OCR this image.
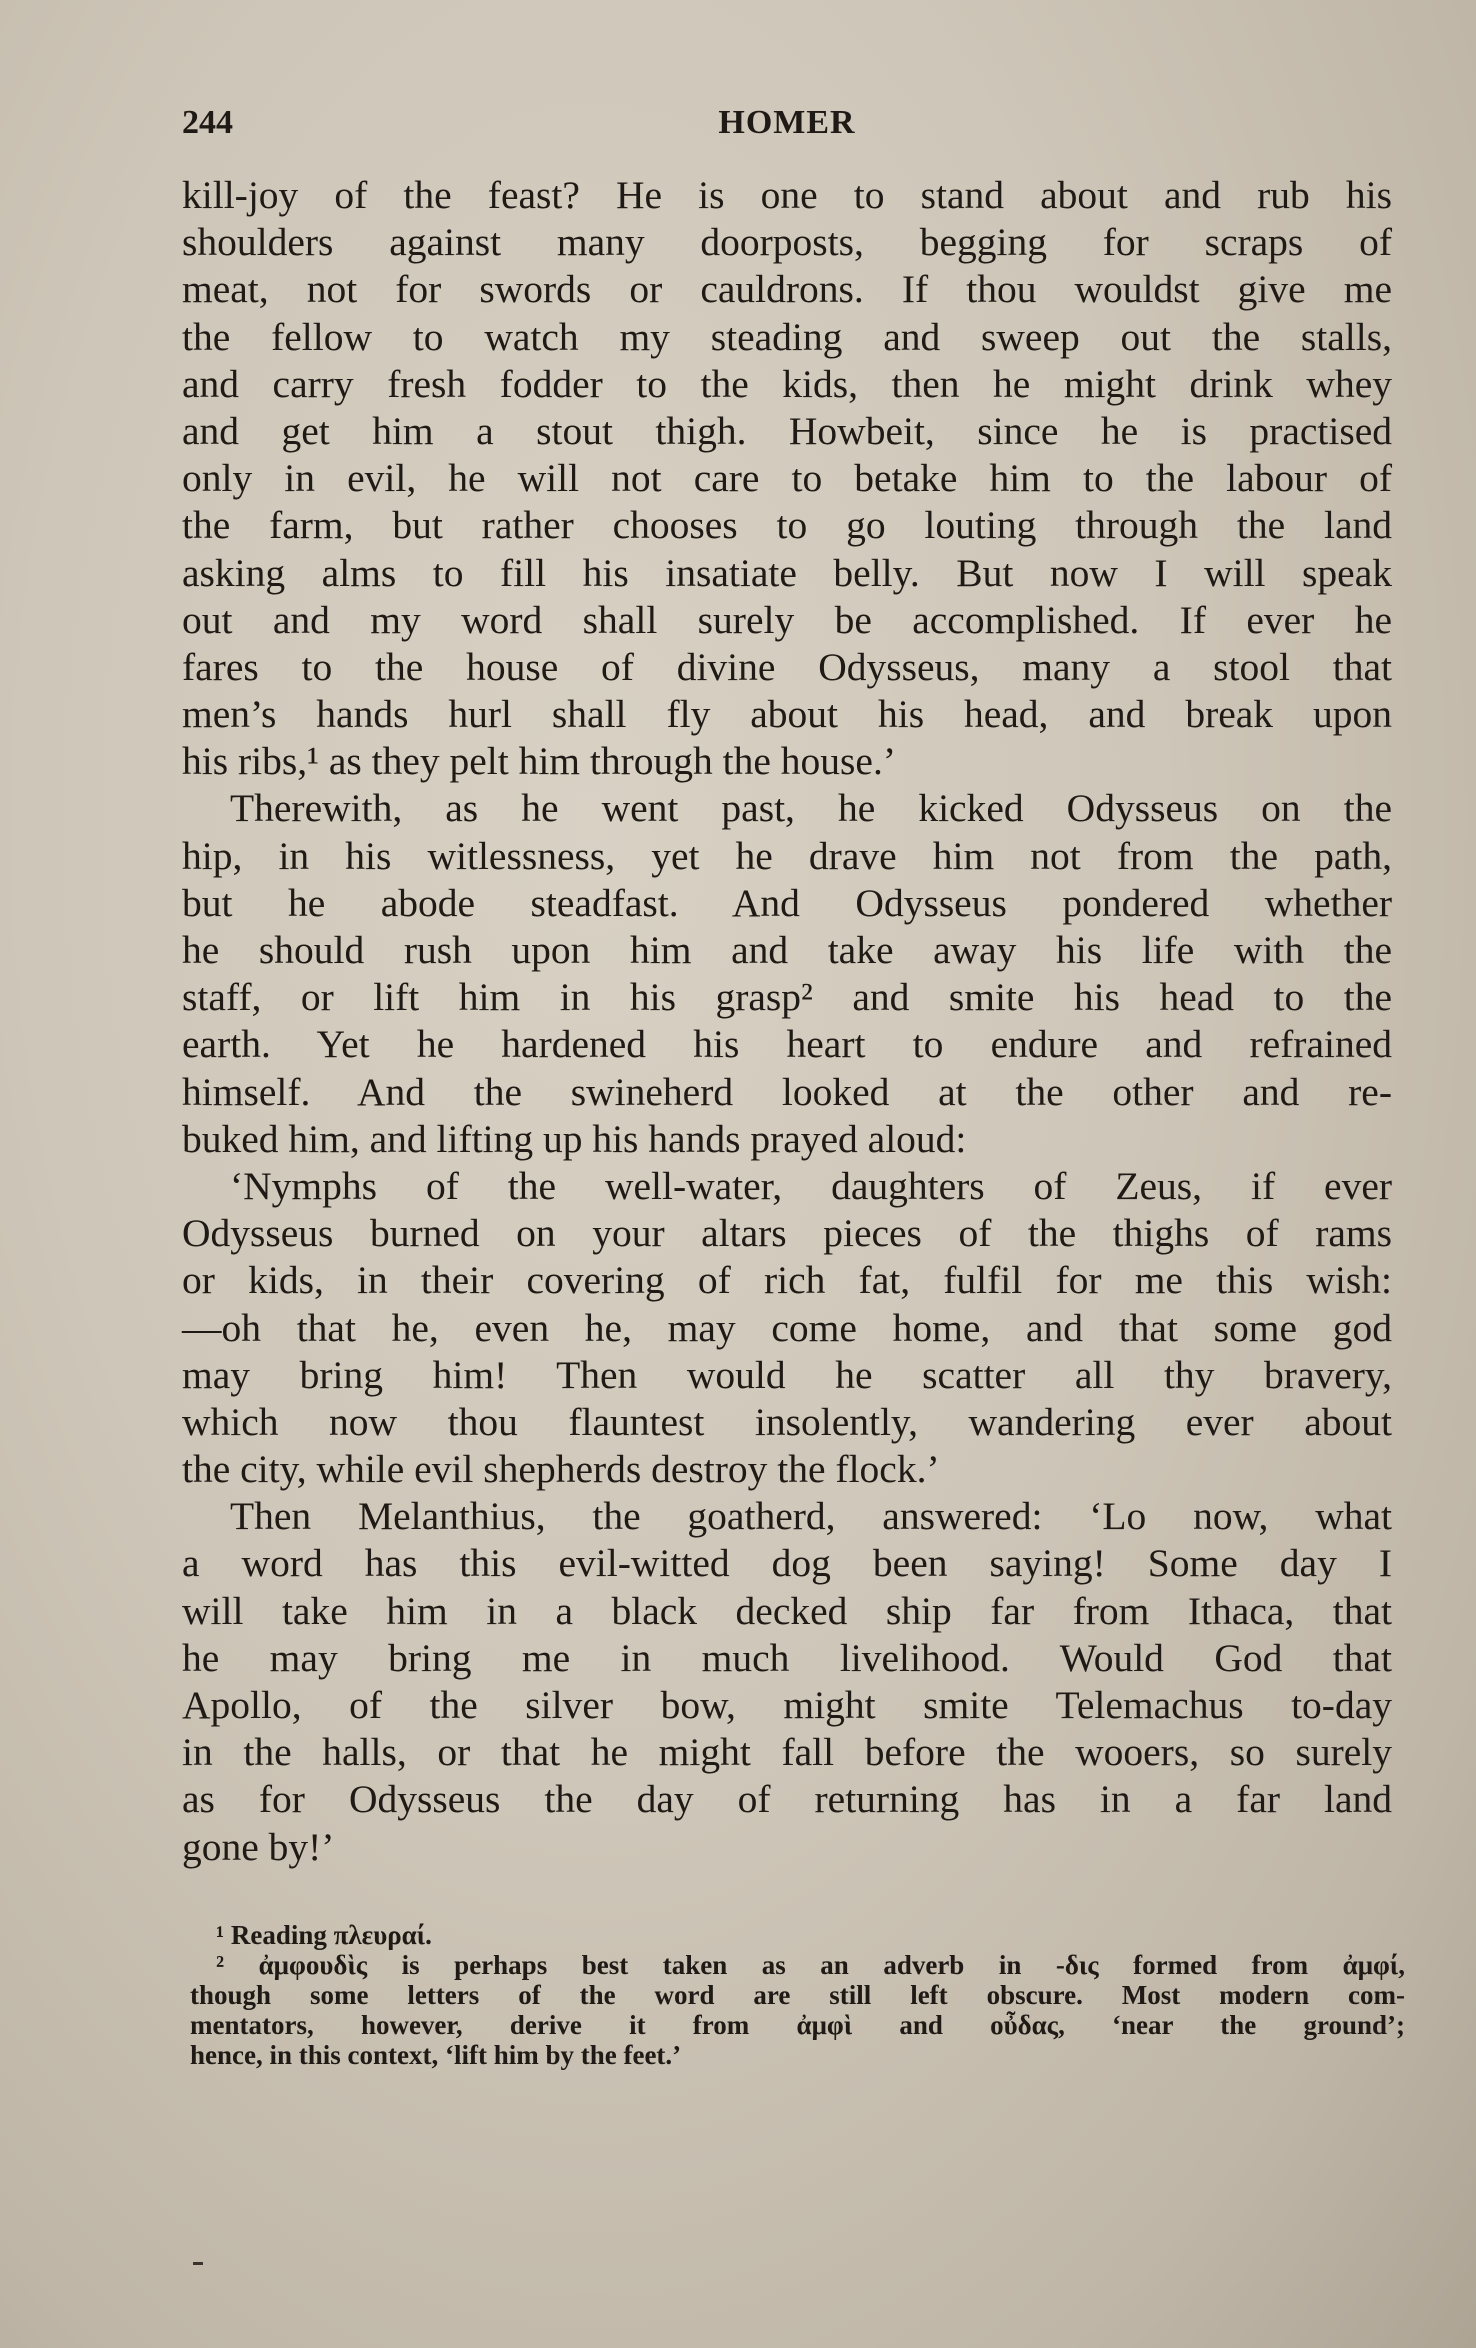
244	HOMER
kill-joy of the feast? He is one to stand about and rub his
shoulders against many doorposts, begging for scraps of
meat, not for swords or cauldrons. If thou wouldst give me
the fellow to watch my steading and sweep out the stalls,
and carry fresh fodder to the kids, then he might drink whey
and get him a stout thigh. Howbeit, since he is practised
only in evil, he will not care to betake him to the labour of
the farm, but rather chooses to go louting through the land
asking alms to fill his insatiate belly. But now I will speak
out and my word shall surely be accomplished. If ever he
fares to the house of divine Odysseus, many a stool that
men’s hands hurl shall fly about his head, and break upon
his ribs,¹ as they pelt him through the house.’
Therewith, as he went past, he kicked Odysseus on the
hip, in his witlessness, yet he drave him not from the path,
but he abode steadfast. And Odysseus pondered whether
he should rush upon him and take away his life with the
staff, or lift him in his grasp² and smite his head to the
earth. Yet he hardened his heart to endure and refrained
himself. And the swineherd looked at the other and re-
buked him, and lifting up his hands prayed aloud:
‘Nymphs of the well-water, daughters of Zeus, if ever
Odysseus burned on your altars pieces of the thighs of rams
or kids, in their covering of rich fat, fulfil for me this wish:
—oh that he, even he, may come home, and that some god
may bring him! Then would he scatter all thy bravery,
which now thou flauntest insolently, wandering ever about
the city, while evil shepherds destroy the flock.’
Then Melanthius, the goatherd, answered: ‘Lo now, what
a word has this evil-witted dog been saying! Some day I
will take him in a black decked ship far from Ithaca, that
he may bring me in much livelihood. Would God that
Apollo, of the silver bow, might smite Telemachus to-day
in the halls, or that he might fall before the wooers, so surely
as for Odysseus the day of returning has in a far land
gone by!’
¹ Reading πλευραί.
² ἀμφουδὶς is perhaps best taken as an adverb in -δις formed from ἀμφί,
though some letters of the word are still left obscure. Most modern com-
mentators, however, derive it from ἀμφὶ and οὖδας, ‘near the ground’;
hence, in this context, ‘lift him by the feet.’
